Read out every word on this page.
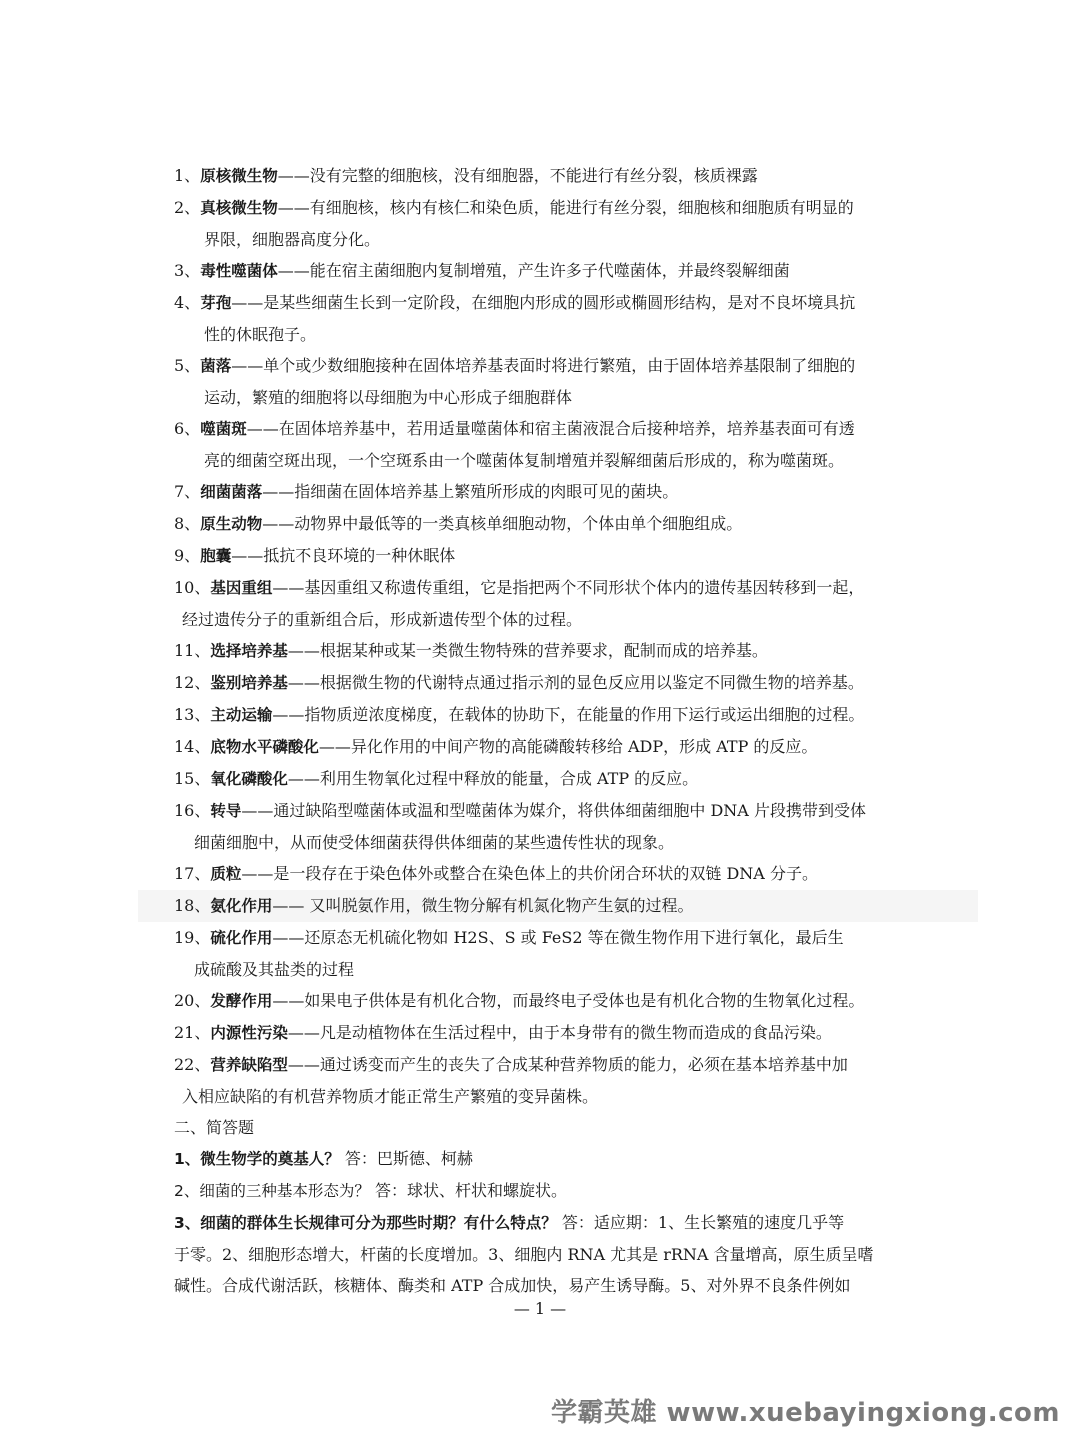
1、原核微生物——没有完整的细胞核，没有细胞器，不能进行有丝分裂，核质裸露
2、真核微生物——有细胞核，核内有核仁和染色质，能进行有丝分裂，细胞核和细胞质有明显的
界限，细胞器高度分化。
3、毒性噬菌体——能在宿主菌细胞内复制增殖，产生许多子代噬菌体，并最终裂解细菌
4、芽孢——是某些细菌生长到一定阶段，在细胞内形成的圆形或椭圆形结构，是对不良坏境具抗
性的休眠孢子。
5、菌落——单个或少数细胞接种在固体培养基表面时将进行繁殖，由于固体培养基限制了细胞的
运动，繁殖的细胞将以母细胞为中心形成子细胞群体
6、噬菌斑——在固体培养基中，若用适量噬菌体和宿主菌液混合后接种培养，培养基表面可有透
亮的细菌空斑出现，一个空斑系由一个噬菌体复制增殖并裂解细菌后形成的，称为噬菌斑。
7、细菌菌落——指细菌在固体培养基上繁殖所形成的肉眼可见的菌块。
8、原生动物——动物界中最低等的一类真核单细胞动物，个体由单个细胞组成。
9、胞囊——抵抗不良环境的一种休眠体
10、基因重组——基因重组又称遗传重组，它是指把两个不同形状个体内的遗传基因转移到一起，
经过遗传分子的重新组合后，形成新遗传型个体的过程。
11、选择培养基——根据某种或某一类微生物特殊的营养要求，配制而成的培养基。
12、鉴别培养基——根据微生物的代谢特点通过指示剂的显色反应用以鉴定不同微生物的培养基。
13、主动运输——指物质逆浓度梯度，在载体的协助下，在能量的作用下运行或运出细胞的过程。
14、底物水平磷酸化——异化作用的中间产物的高能磷酸转移给 ADP，形成 ATP 的反应。
15、氧化磷酸化——利用生物氧化过程中释放的能量，合成 ATP 的反应。
16、转导——通过缺陷型噬菌体或温和型噬菌体为媒介，将供体细菌细胞中 DNA 片段携带到受体
细菌细胞中，从而使受体细菌获得供体细菌的某些遗传性状的现象。
17、质粒——是一段存在于染色体外或整合在染色体上的共价闭合环状的双链 DNA 分子。
18、氨化作用—— 又叫脱氨作用，微生物分解有机氮化物产生氨的过程。
19、硫化作用——还原态无机硫化物如 H2S、S 或 FeS2 等在微生物作用下进行氧化，最后生
成硫酸及其盐类的过程
20、发酵作用——如果电子供体是有机化合物，而最终电子受体也是有机化合物的生物氧化过程。
21、内源性污染——凡是动植物体在生活过程中，由于本身带有的微生物而造成的食品污染。
22、营养缺陷型——通过诱变而产生的丧失了合成某种营养物质的能力，必须在基本培养基中加
入相应缺陷的有机营养物质才能正常生产繁殖的变异菌株。
二、简答题
1、微生物学的奠基人？ 答：巴斯德、柯赫
2、细菌的三种基本形态为？ 答：球状、杆状和螺旋状。
3、细菌的群体生长规律可分为那些时期？有什么特点？ 答：适应期：1、生长繁殖的速度几乎等
于零。2、细胞形态增大，杆菌的长度增加。3、细胞内 RNA 尤其是 rRNA 含量增高，原生质呈嗜
碱性。合成代谢活跃，核糖体、酶类和 ATP 合成加快，易产生诱导酶。5、对外界不良条件例如
— 1 —
学霸英雄 www.xuebayingxiong.com
